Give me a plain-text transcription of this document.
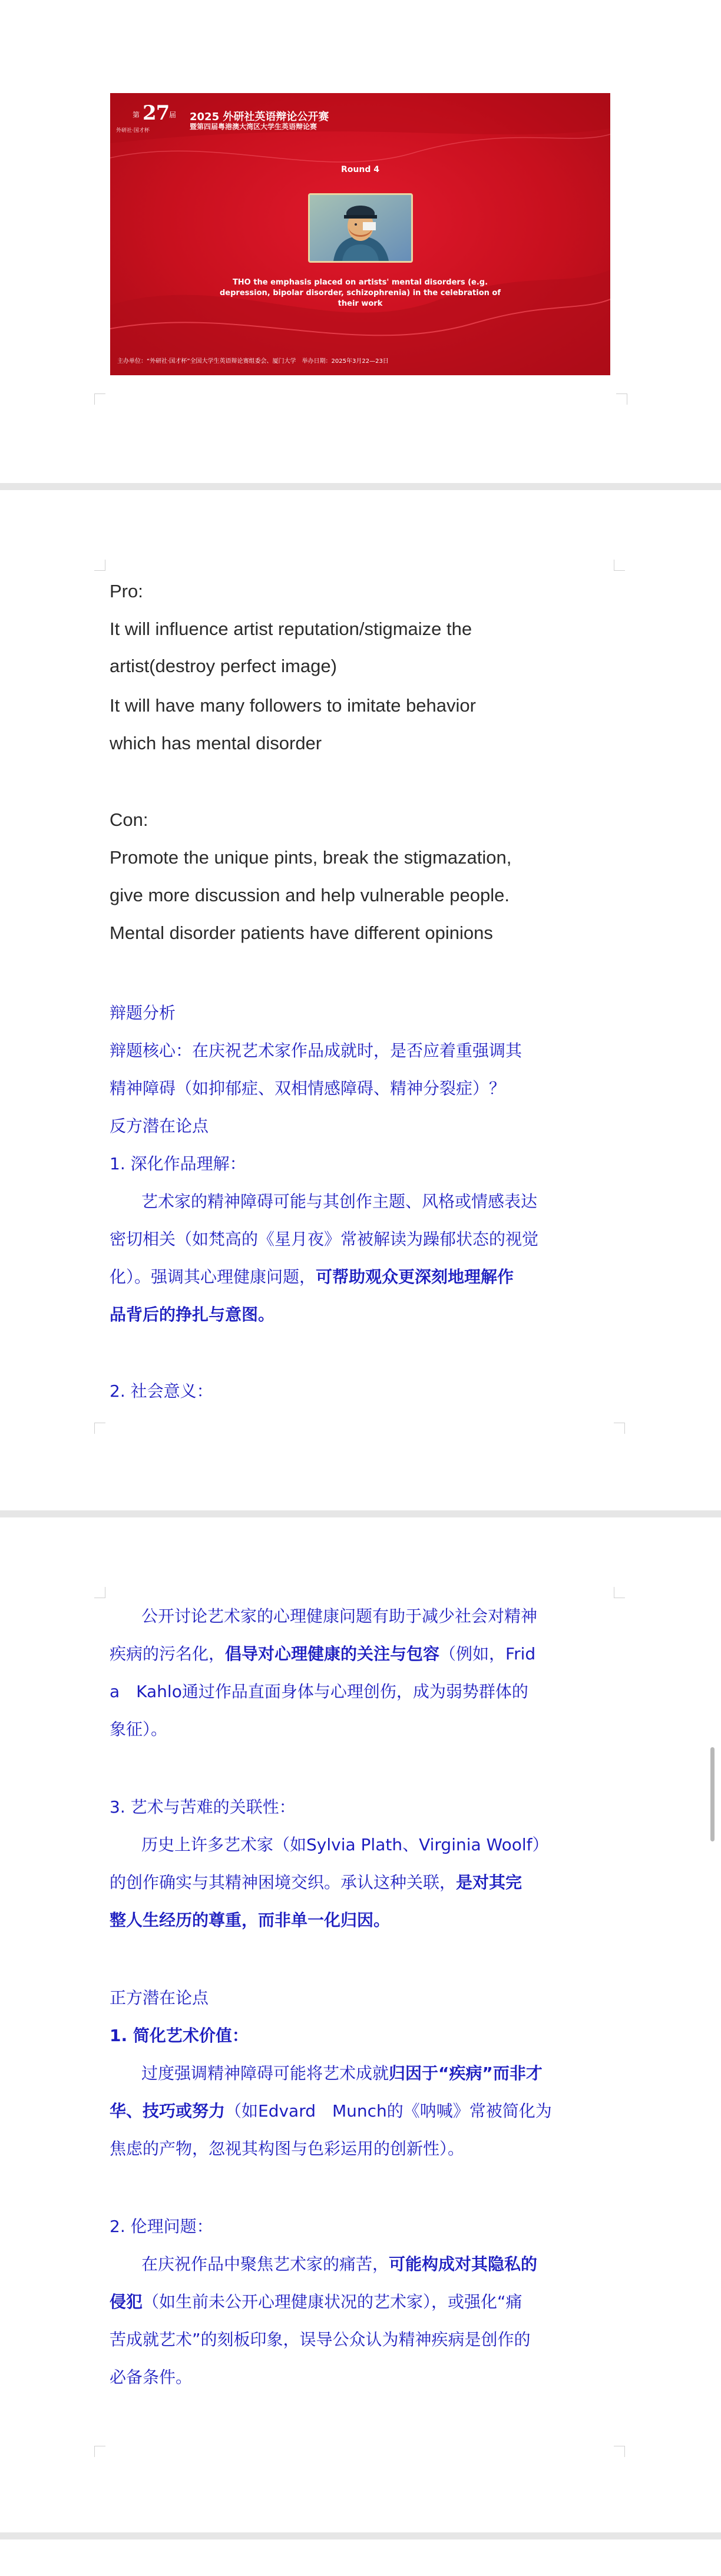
第 27 届
外研社·国才杯
2025 外研社英语辩论公开赛
暨第四届粤港澳大湾区大学生英语辩论赛
Round 4
THO the emphasis placed on artists' mental disorders (e.g.
depression, bipolar disorder, schizophrenia) in the celebration of
their work
主办单位：“外研社·国才杯”全国大学生英语辩论赛组委会、厦门大学　举办日期：2025年3月22—23日
Pro:
It will influence artist reputation/stigmaize the
artist(destroy perfect image)
It will have many followers to imitate behavior
which has mental disorder
Con:
Promote the unique pints, break the stigmazation,
give more discussion and help vulnerable people.
Mental disorder patients have different opinions
辩题分析
辩题核心：在庆祝艺术家作品成就时，是否应着重强调其
精神障碍（如抑郁症、双相情感障碍、精神分裂症）？
反方潜在论点
1. 深化作品理解：
艺术家的精神障碍可能与其创作主题、风格或情感表达
密切相关（如梵高的《星月夜》常被解读为躁郁状态的视觉
化）。强调其心理健康问题，可帮助观众更深刻地理解作
品背后的挣扎与意图。
2. 社会意义：
公开讨论艺术家的心理健康问题有助于减少社会对精神
疾病的污名化，倡导对心理健康的关注与包容（例如，Frid
a　Kahlo通过作品直面身体与心理创伤，成为弱势群体的
象征）。
3. 艺术与苦难的关联性：
历史上许多艺术家（如Sylvia Plath、Virginia Woolf）
的创作确实与其精神困境交织。承认这种关联，是对其完
整人生经历的尊重，而非单一化归因。
正方潜在论点
1. 简化艺术价值：
过度强调精神障碍可能将艺术成就归因于“疾病”而非才
华、技巧或努力（如Edvard　Munch的《呐喊》常被简化为
焦虑的产物，忽视其构图与色彩运用的创新性）。
2. 伦理问题：
在庆祝作品中聚焦艺术家的痛苦，可能构成对其隐私的
侵犯（如生前未公开心理健康状况的艺术家），或强化“痛
苦成就艺术”的刻板印象，误导公众认为精神疾病是创作的
必备条件。
